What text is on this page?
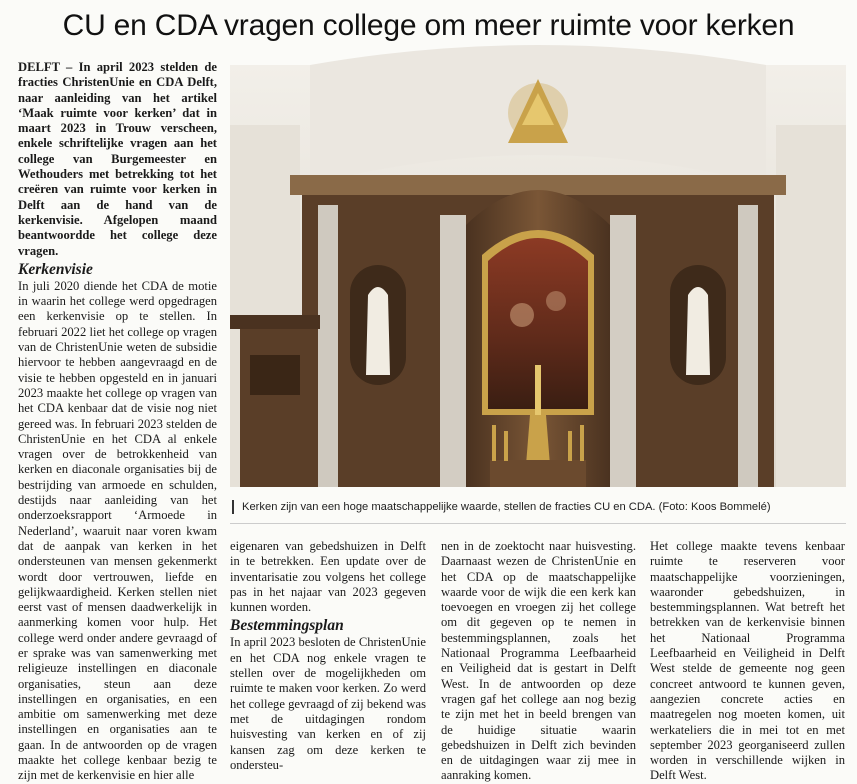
CU en CDA vragen college om meer ruimte voor kerken

DELFT – In april 2023 stelden de fracties ChristenUnie en CDA Delft, naar aanleiding van het artikel ‘Maak ruimte voor kerken’ dat in maart 2023 in Trouw verscheen, enkele schriftelijke vragen aan het college van Burgemeester en Wethouders met betrekking tot het creëren van ruimte voor kerken in Delft aan de hand van de kerkenvisie. Afgelopen maand beantwoordde het college deze vragen.

Kerkenvisie

In juli 2020 diende het CDA de motie in waarin het college werd opgedragen een kerkenvisie op te stellen. In februari 2022 liet het college op vragen van de ChristenUnie weten de subsidie hiervoor te hebben aangevraagd en de visie te hebben opgesteld en in januari 2023 maakte het college op vragen van het CDA kenbaar dat de visie nog niet gereed was. In februari 2023 stelden de ChristenUnie en het CDA al enkele vragen over de betrokkenheid van kerken en diaconale organisaties bij de bestrijding van armoede en schulden, destijds naar aanleiding van het onderzoeksrapport ‘Armoede in Nederland’, waaruit naar voren kwam dat de aanpak van kerken in het ondersteunen van mensen gekenmerkt wordt door vertrouwen, liefde en gelijkwaardigheid. Kerken stellen niet eerst vast of mensen daadwerkelijk in aanmerking komen voor hulp. Het college werd onder andere gevraagd of er sprake was van samenwerking met religieuze instellingen en diaconale organisaties, steun aan deze instellingen en organisaties, en een ambitie om samenwerking met deze instellingen en organisaties aan te gaan. In de antwoorden op de vragen maakte het college kenbaar bezig te zijn met de kerkenvisie en hier alle

Kerken zijn van een hoge maatschappelijke waarde, stellen de fracties CU en CDA. (Foto: Koos Bommelé)

eigenaren van gebedshuizen in Delft in te betrekken. Een update over de inventarisatie zou volgens het college pas in het najaar van 2023 gegeven kunnen worden.

Bestemmingsplan

In april 2023 besloten de ChristenUnie en het CDA nog enkele vragen te stellen over de mogelijkheden om ruimte te maken voor kerken. Zo werd het college gevraagd of zij bekend was met de uitdagingen rondom huisvesting van kerken en of zij kansen zag om deze kerken te ondersteu-

nen in de zoektocht naar huisvesting. Daarnaast wezen de ChristenUnie en het CDA op de maatschappelijke waarde voor de wijk die een kerk kan toevoegen en vroegen zij het college om dit gegeven op te nemen in bestemmingsplannen, zoals het Nationaal Programma Leefbaarheid en Veiligheid dat is gestart in Delft West. In de antwoorden op deze vragen gaf het college aan nog bezig te zijn met het in beeld brengen van de huidige situatie waarin gebedshuizen in Delft zich bevinden en de uitdagingen waar zij mee in aanraking komen.

Het college maakte tevens kenbaar ruimte te reserveren voor maatschappelijke voorzieningen, waaronder gebedshuizen, in bestemmingsplannen. Wat betreft het betrekken van de kerkenvisie binnen het Nationaal Programma Leefbaarheid en Veiligheid in Delft West stelde de gemeente nog geen concreet antwoord te kunnen geven, aangezien concrete acties en maatregelen nog moeten komen, uit werkateliers die in mei tot en met september 2023 georganiseerd zullen worden in verschillende wijken in Delft West.
